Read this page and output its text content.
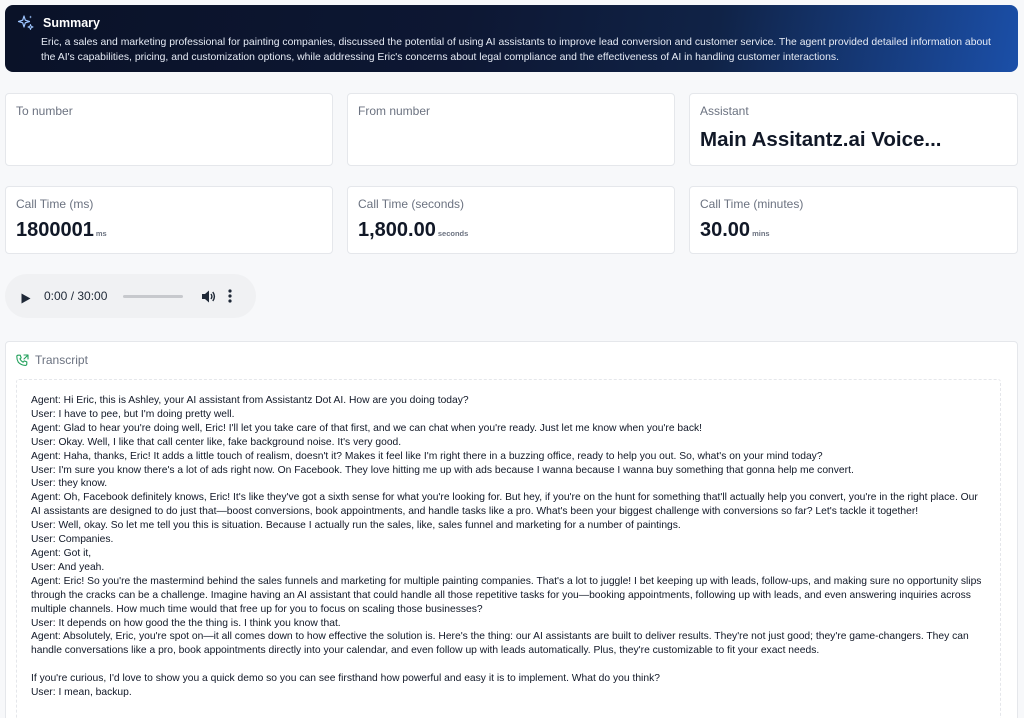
Summary
Eric, a sales and marketing professional for painting companies, discussed the potential of using AI assistants to improve lead conversion and customer service. The agent provided detailed information about the AI's capabilities, pricing, and customization options, while addressing Eric's concerns about legal compliance and the effectiveness of AI in handling customer interactions.
To number	From number	Assistant
Main Assitantz.ai Voice...
Call Time (ms)
1800001 ms
Call Time (seconds)
1,800.00 seconds
Call Time (minutes)
30.00 mins
0:00 / 30:00
Transcript
Agent: Hi Eric, this is Ashley, your AI assistant from Assistantz Dot AI. How are you doing today?
User: I have to pee, but I'm doing pretty well.
Agent: Glad to hear you're doing well, Eric! I'll let you take care of that first, and we can chat when you're ready. Just let me know when you're back!
User: Okay. Well, I like that call center like, fake background noise. It's very good.
Agent: Haha, thanks, Eric! It adds a little touch of realism, doesn't it? Makes it feel like I'm right there in a buzzing office, ready to help you out. So, what's on your mind today?
User: I'm sure you know there's a lot of ads right now. On Facebook. They love hitting me up with ads because I wanna because I wanna buy something that gonna help me convert.
User: they know.
Agent: Oh, Facebook definitely knows, Eric! It's like they've got a sixth sense for what you're looking for. But hey, if you're on the hunt for something that'll actually help you convert, you're in the right place. Our AI assistants are designed to do just that—boost conversions, book appointments, and handle tasks like a pro. What's been your biggest challenge with conversions so far? Let's tackle it together!
User: Well, okay. So let me tell you this is situation. Because I actually run the sales, like, sales funnel and marketing for a number of paintings.
User: Companies.
Agent: Got it,
User: And yeah.
Agent: Eric! So you're the mastermind behind the sales funnels and marketing for multiple painting companies. That's a lot to juggle! I bet keeping up with leads, follow-ups, and making sure no opportunity slips through the cracks can be a challenge. Imagine having an AI assistant that could handle all those repetitive tasks for you—booking appointments, following up with leads, and even answering inquiries across multiple channels. How much time would that free up for you to focus on scaling those businesses?
User: It depends on how good the the thing is. I think you know that.
Agent: Absolutely, Eric, you're spot on—it all comes down to how effective the solution is. Here's the thing: our AI assistants are built to deliver results. They're not just good; they're game-changers. They can handle conversations like a pro, book appointments directly into your calendar, and even follow up with leads automatically. Plus, they're customizable to fit your exact needs.
If you're curious, I'd love to show you a quick demo so you can see firsthand how powerful and easy it is to implement. What do you think?
User: I mean, backup.
